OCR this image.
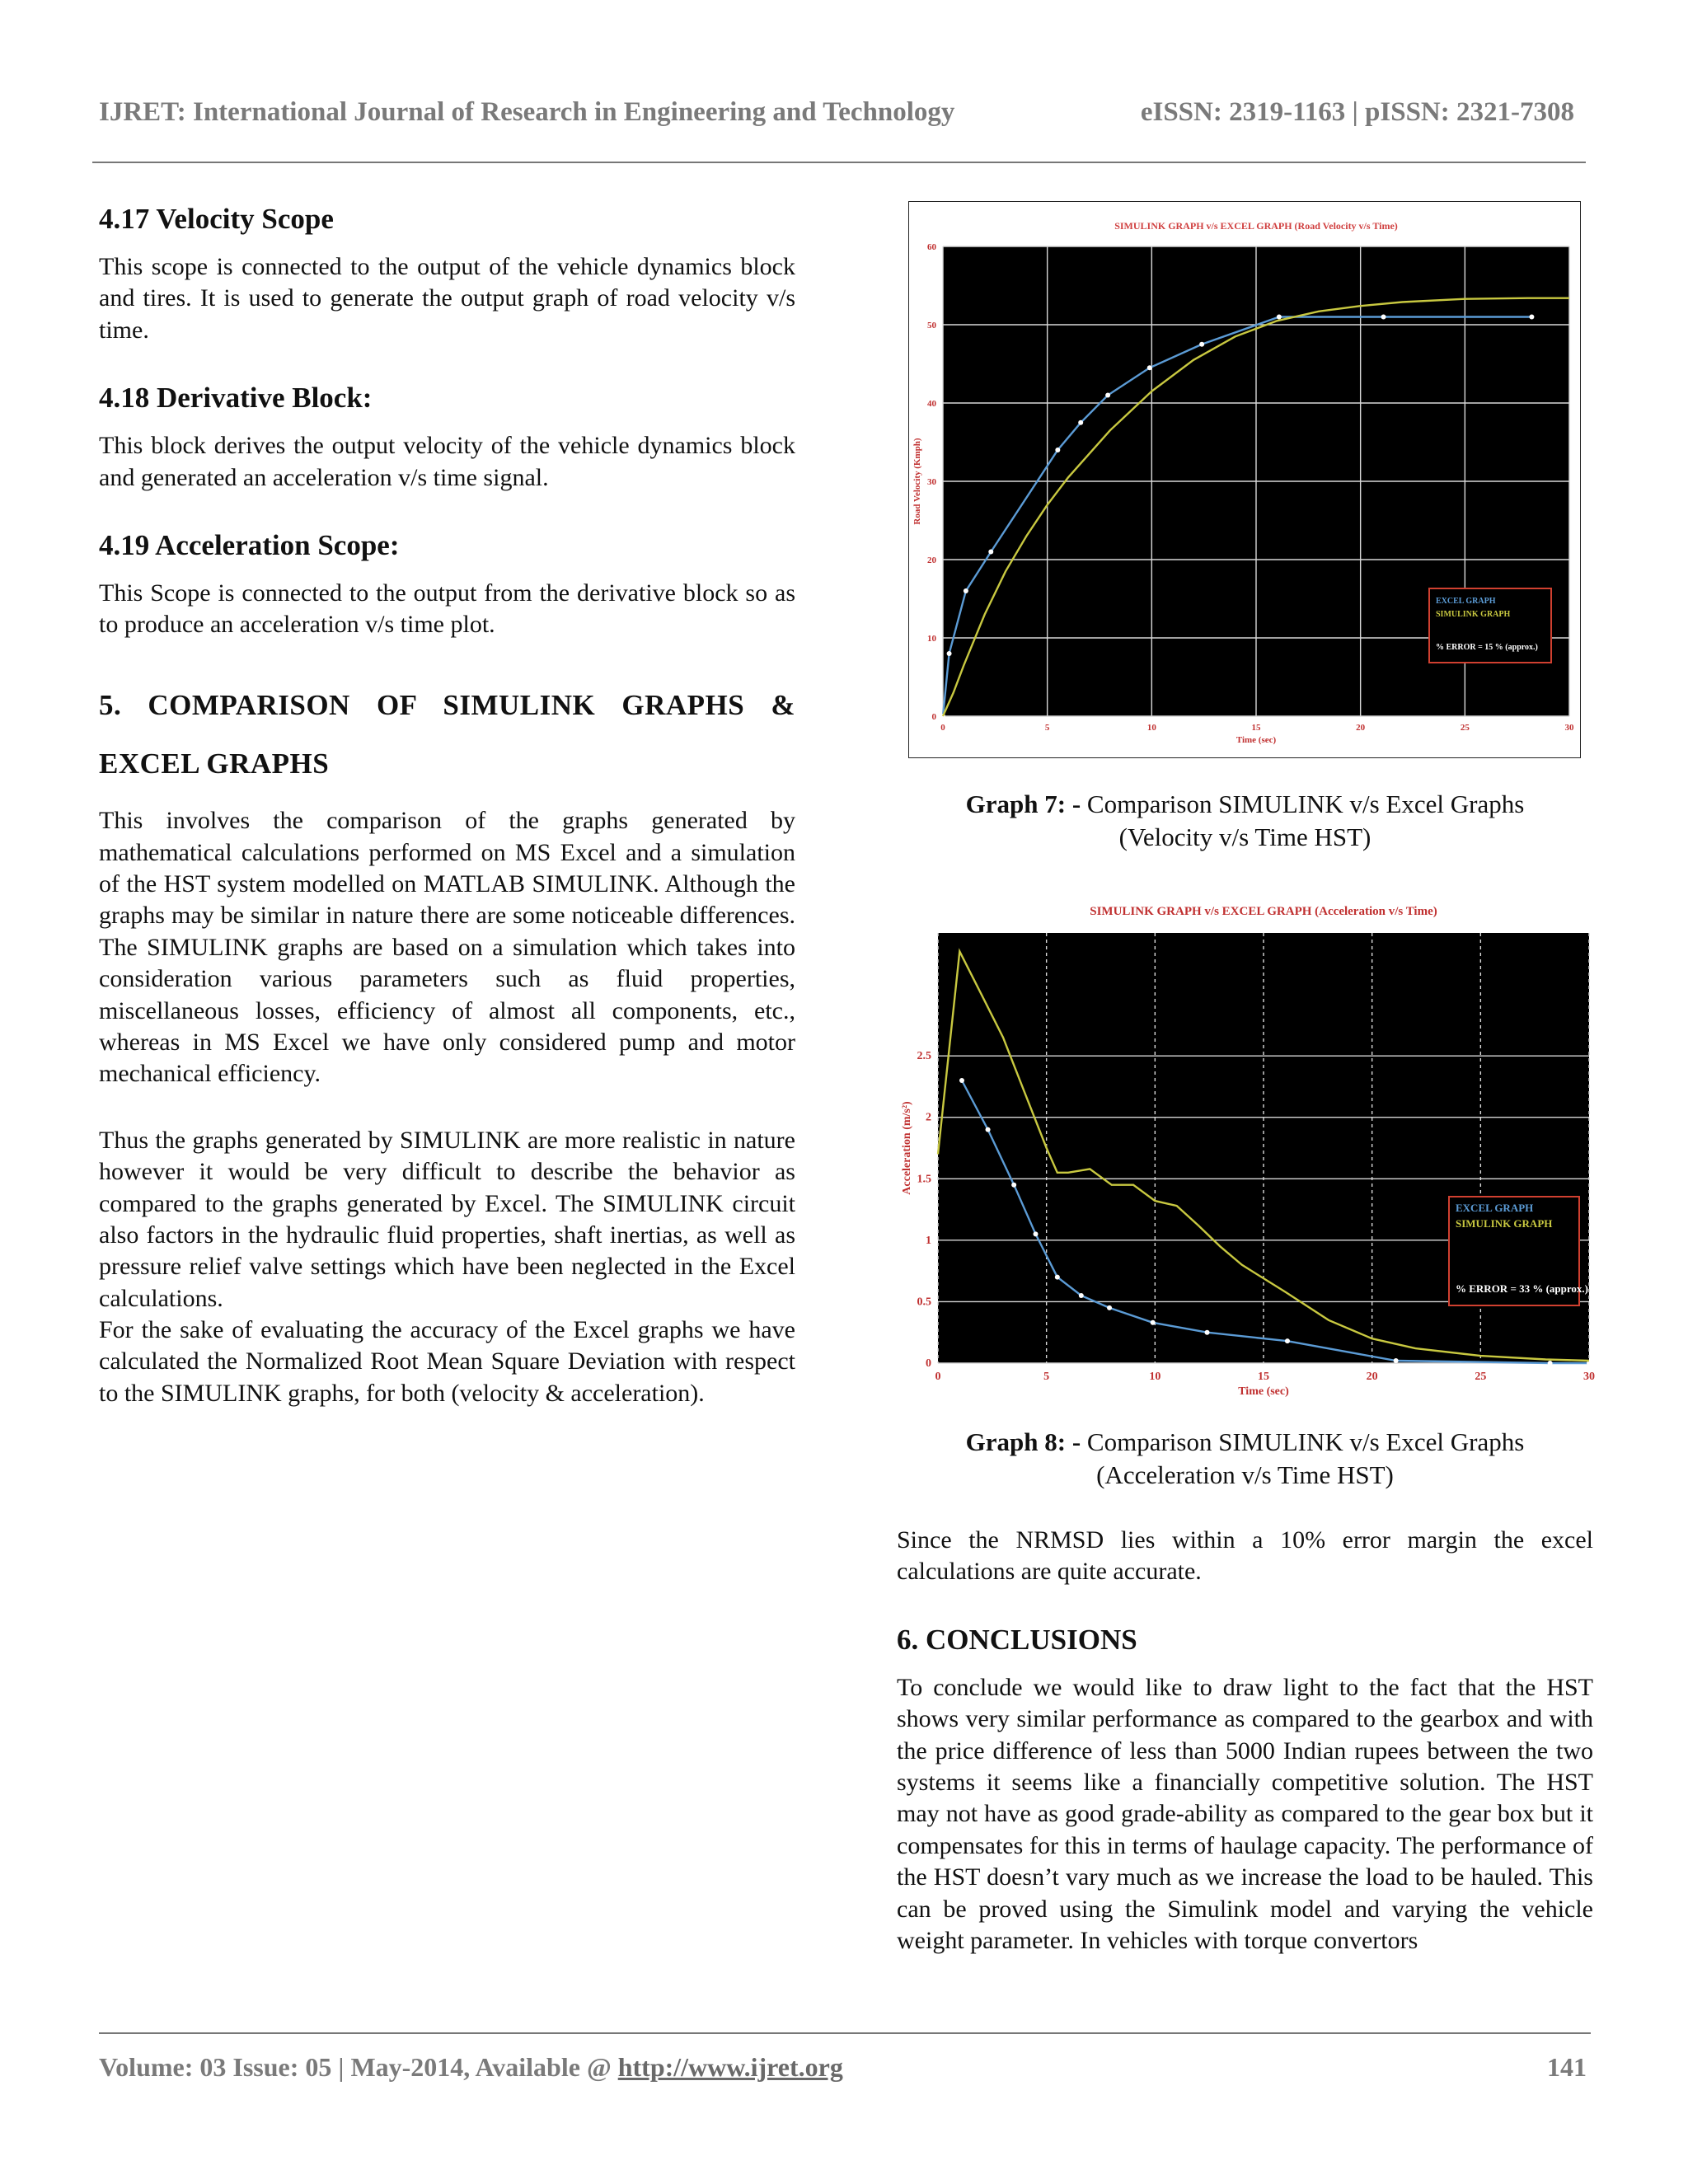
IJRET: International Journal of Research in Engineering and Technology	eISSN: 2319-1163 | pISSN: 2321-7308
4.17 Velocity Scope

This scope is connected to the output of the vehicle dynamics block and tires. It is used to generate the output graph of road velocity v/s time.

4.18 Derivative Block:

This block derives the output velocity of the vehicle dynamics block and generated an acceleration v/s time signal.

4.19 Acceleration Scope:

This Scope is connected to the output from the derivative block so as to produce an acceleration v/s time plot.

5. COMPARISON OF SIMULINK GRAPHS & EXCEL GRAPHS

This involves the comparison of the graphs generated by mathematical calculations performed on MS Excel and a simulation of the HST system modelled on MATLAB SIMULINK. Although the graphs may be similar in nature there are some noticeable differences. The SIMULINK graphs are based on a simulation which takes into consideration various parameters such as fluid properties, miscellaneous losses, efficiency of almost all components, etc., whereas in MS Excel we have only considered pump and motor mechanical efficiency.

Thus the graphs generated by SIMULINK are more realistic in nature however it would be very difficult to describe the behavior as compared to the graphs generated by Excel. The SIMULINK circuit also factors in the hydraulic fluid properties, shaft inertias, as well as pressure relief valve settings which have been neglected in the Excel calculations.

For the sake of evaluating the accuracy of the Excel graphs we have calculated the Normalized Root Mean Square Deviation with respect to the SIMULINK graphs, for both (velocity & acceleration).

SIMULINK GRAPH v/s EXCEL GRAPH (Road Velocity v/s Time)
0	5	10	15	20	25	30
0
10
20
30
40
50
60
Time (sec)
Road Velocity (Kmph)
EXCEL GRAPH
SIMULINK GRAPH
% ERROR = 15 % (approx.)
Graph 7: - Comparison SIMULINK v/s Excel Graphs
(Velocity v/s Time HST)
SIMULINK GRAPH v/s EXCEL GRAPH (Acceleration v/s Time)
0	5	10	15	20	25	30
0
0.5
1
1.5
2
2.5
Time (sec)
Acceleration (m/s²)
EXCEL GRAPH
SIMULINK GRAPH
% ERROR = 33 % (approx.)
Graph 8: - Comparison SIMULINK v/s Excel Graphs
(Acceleration v/s Time HST)

Since the NRMSD lies within a 10% error margin the excel calculations are quite accurate.

6. CONCLUSIONS

To conclude we would like to draw light to the fact that the HST shows very similar performance as compared to the gearbox and with the price difference of less than 5000 Indian rupees between the two systems it seems like a financially competitive solution. The HST may not have as good grade-ability as compared to the gear box but it compensates for this in terms of haulage capacity. The performance of the HST doesn’t vary much as we increase the load to be hauled. This can be proved using the Simulink model and varying the vehicle weight parameter. In vehicles with torque convertors

Volume: 03 Issue: 05 | May-2014, Available @ http://www.ijret.org	141
